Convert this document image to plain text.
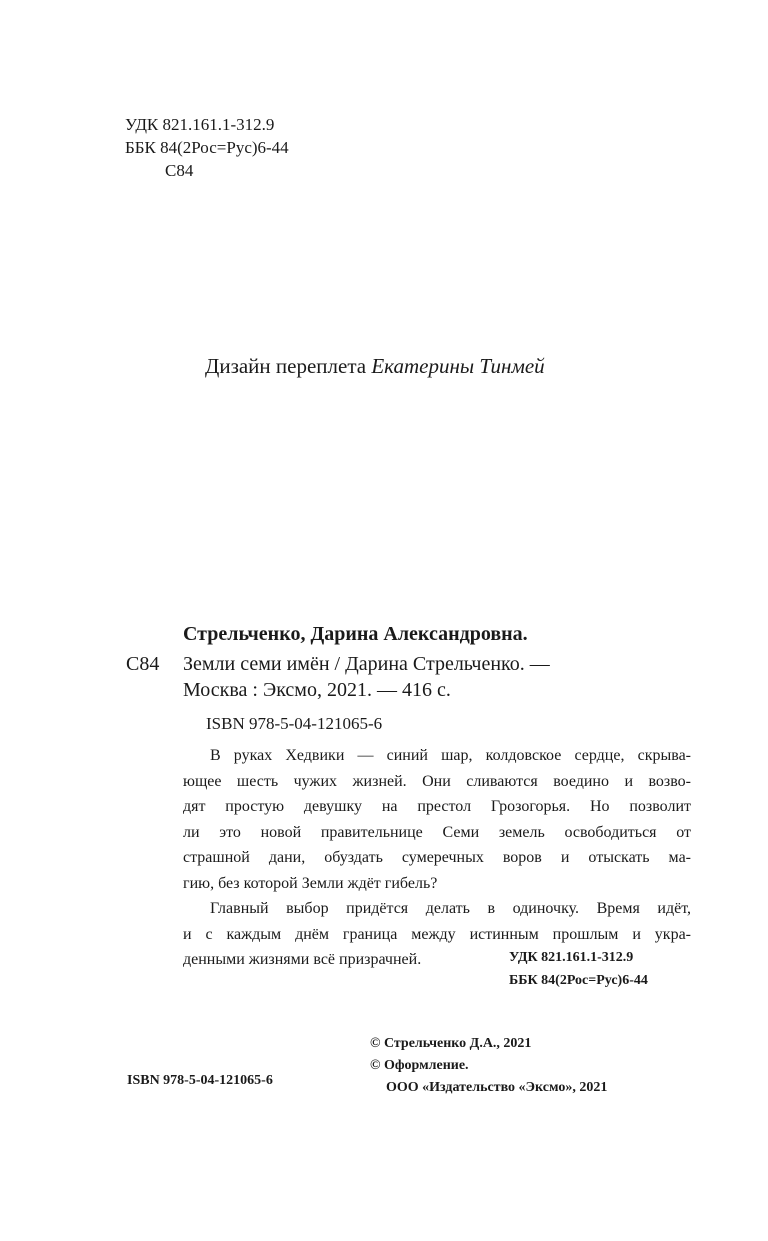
УДК 821.161.1-312.9
ББК 84(2Рос=Рус)6-44
С84
Дизайн переплета Екатерины Тинмей
Стрельченко, Дарина Александровна.
С84 Земли семи имён / Дарина Стрельченко. —
Москва : Эксмо, 2021. — 416 с.
ISBN 978-5-04-121065-6

В руках Хедвики — синий шар, колдовское сердце, скрыва-
ющее шесть чужих жизней. Они сливаются воедино и возво-
дят простую девушку на престол Грозогорья. Но позволит
ли это новой правительнице Семи земель освободиться от
страшной дани, обуздать сумеречных воров и отыскать ма-
гию, без которой Земли ждёт гибель?

Главный выбор придётся делать в одиночку. Время идёт,
и с каждым днём граница между истинным прошлым и укра-
денными жизнями всё призрачней.	УДК 821.161.1-312.9
ББК 84(2Рос=Рус)6-44
© Стрельченко Д.А., 2021
© Оформление.
ООО «Издательство «Эксмо», 2021
ISBN 978-5-04-121065-6
